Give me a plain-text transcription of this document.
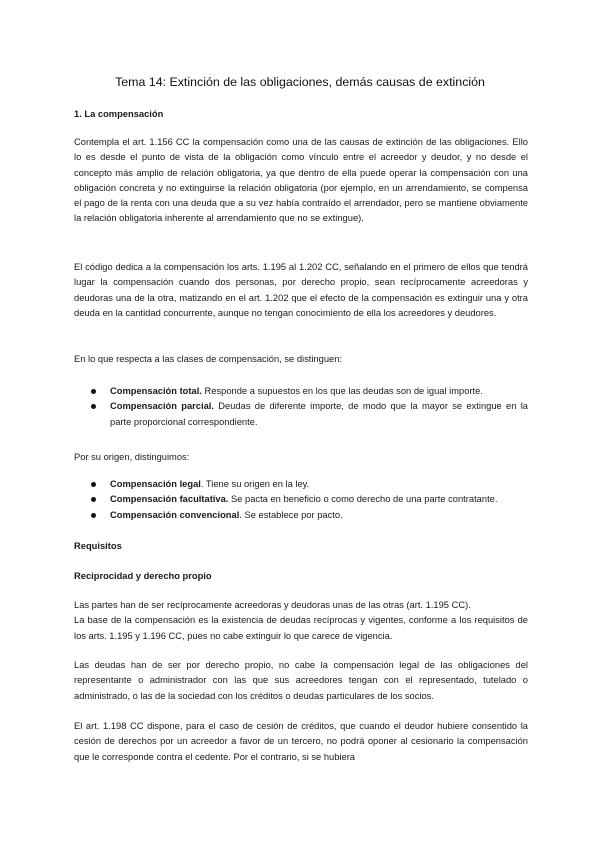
Tema 14: Extinción de las obligaciones, demás causas de extinción

1. La compensación

Contempla el art. 1.156 CC la compensación como una de las causas de extinción de las obligaciones. Ello lo es desde el punto de vista de la obligación como vínculo entre el acreedor y deudor, y no desde el concepto más amplio de relación obligatoria, ya que dentro de ella puede operar la compensación con una obligación concreta y no extinguirse la relación obligatoria (por ejemplo, en un arrendamiento, se compensa el pago de la renta con una deuda que a su vez había contraído el arrendador, pero se mantiene obviamente la relación obligatoria inherente al arrendamiento que no se extingue).

El código dedica a la compensación los arts. 1.195 al 1.202 CC, señalando en el primero de ellos que tendrá lugar la compensación cuando dos personas, por derecho propio, sean recíprocamente acreedoras y deudoras una de la otra, matizando en el art. 1.202 que el efecto de la compensación es extinguir una y otra deuda en la cantidad concurrente, aunque no tengan conocimiento de ella los acreedores y deudores.

En lo que respecta a las clases de compensación, se distinguen:

Compensación total. Responde a supuestos en los que las deudas son de igual importe.
Compensación parcial. Deudas de diferente importe, de modo que la mayor se extingue en la parte proporcional correspondiente.

Por su origen, distinguimos:

Compensación legal. Tiene su origen en la ley.
Compensación facultativa. Se pacta en beneficio o como derecho de una parte contratante.
Compensación convencional. Se establece por pacto.

Requisitos

Reciprocidad y derecho propio

Las partes han de ser recíprocamente acreedoras y deudoras unas de las otras (art. 1.195 CC).

La base de la compensación es la existencia de deudas recíprocas y vigentes, conforme a los requisitos de los arts. 1.195 y 1.196 CC, pues no cabe extinguir lo que carece de vigencia.

Las deudas han de ser por derecho propio, no cabe la compensación legal de las obligaciones del representante o administrador con las que sus acreedores tengan con el representado, tutelado o administrado, o las de la sociedad con los créditos o deudas particulares de los socios.

El art. 1.198 CC dispone, para el caso de cesión de créditos, que cuando el deudor hubiere consentido la cesión de derechos por un acreedor a favor de un tercero, no podrá oponer al cesionario la compensación que le corresponde contra el cedente. Por el contrario, si se hubiera
